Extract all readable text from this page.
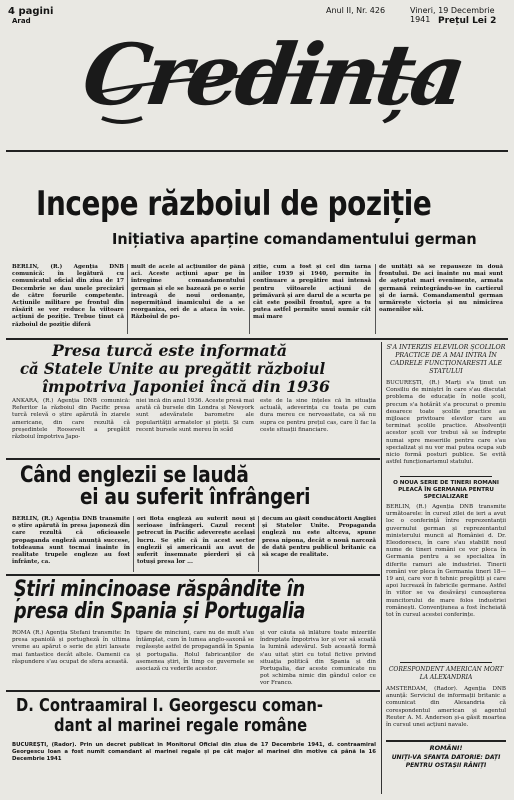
4 pagini
Arad
Credința
Anul II, Nr. 426	Vineri, 19 Decembrie 1941 Prețul Lei 2
Incepe războiul de poziție
Inițiativa aparține comandamentului german
BERLIN, (R.) Agenția DNB comunică: în legătură cu comunicatul oficial din ziua de 17 Decembrie se dau unele precizări de către forurile competente. Acțiunile militare pe frontul din răsărit se vor reduce la viitoare acțiuni de poziție. Trebue ținut că războiul de poziție diferă
mult de acele al acțiunilor de până aci. Aceste acțiuni apar pe în întregime comandamentului german și ele se bazează pe o serie întreagă de noui ordonanțe, nopermițând inamicului de a se reorganiza, ori de a ataca în voie. Războiul de po-
ziție, cum a fost și cel din iarna anilor 1939 și 1940, permite în continuare a pregătire mai intensă pentru viitoarele acțiuni de primăvară și are darul de a scurta pe cât este posibil frontul, spre a tu putea astfel permite unui număr cât mai mare
de unități să se repauseze în două frontului. De aci înainte nu mai sunt de așteptat mari evenimente, armata germană reintegrându-se în cartierul și de iarnă. Comandamentul german urmărește victoria și nu nimicirea oamenilor săi.
Presa turcă este informată
că Statele Unite au pregătit războiul
împotriva Japoniei încă din 1936
ANKARA, (R.) Agenția DNB comunică: Referitor la războiul din Pacific presa turcă relevă o știre apărută în ziarele americane, din care rezultă că președintele Roosevelt a pregătit războiul împotriva Japo-
niei încă din anul 1936. Aceste presă mai arată că bursele din Londra și Newyork sunt adevăratele barometre ale popularității armatelor și pieții. Și cum recent bursele sunt mereu în scăd
este de la sine înțeles că în situația actuală, adeverința cu toata pe cum dura mereu ce nervoasitate, ca să nu supra ce pentru prețul cas, care îl fac la ceste situații financiare.
S'A INTERZIS ELEVILOR ȘCOLILOR PRACTICE DE A MAI INTRA ÎN CADRELE FUNCȚIONARESTI ALE STATULUI
BUCUREȘTI, (R.) Marți s'a ținut un Consiliu de miniștri în care s'au discutat problema de educație în noile școli, precum s'a hotărât s'a procurat o premiu deoarece toate școlile practice au mijloace privitoare elevilor care au terminat școlile practice. Absolvenții acestor școli vor trebui să se îndrepte numai spre meseriile pentru care s'au specializat și nu vor mai putea ocupa sub nicio formă posturi publice. Se evită astfel funcționarismul statului.
O NOUĂ SERIE DE TINERI ROMÂNI PLEACĂ ÎN GERMANIA PENTRU SPECIALIZARE
BERLIN, (R.) Agenția DNB transmite următoarele: în cursul zilei de ieri a avut loc o conferință între reprezentanții guvernului german și reprezentantul ministerului muncii al României d. Dr. Eleodorescu, în care s'au stabilit noul nume de tineri români ce vor pleca în Germania pentru a se specializa în diferite ramuri ale industriei. Tinerii români vor pleca în Germania tineri 18—19 ani, care vor fi tehnic pregătiți și care apoi lucrează în fabricile germane. Astfel în viitor se va desăvârși cunoașterea muncitorului de mare folos industriei românești. Convențiunea a fost încheiată tot în cursul acestei conferințe.
CORESPONDENT AMERICAN MORT LA ALEXANDRIA
AMSTERDAM, (Rador). Agenția DNB anunță: Serviciul de informații britanic a comunicat din Alexandria că corespondentul american și agentul Reuter A. M. Anderson și-a găsit moartea în cursul unei acțiuni navale.
ROMÂNI!
UNIȚI-VĂ SFÂNTA DATORIE: DAȚI PENTRU OSTAȘII RĂNIȚI
Când englezii se laudă
ei au suferit înfrângeri
BERLIN, (R.) Agenția DNB transmite o știre apărută în presa japoneză din care rezultă că oficioasele propaganda engleză anunță succese, totdeauna sunt tocmai înainte în realitate trupele engleze au fost înfrânte, ca.
ori flota engleză au suferit noui și serioase înfrângeri. Cazul recent petrecut în Pacific adeverește același lucru. Se știe că în acest sector englezii și americanii au avut de suferit însemnate pierderi și că totuși presa lor ...
decum au găsit conducătorii Angliei și Statelor Unite. Propaganda engleză nu este altceva, spune presa nipona, decât o nouă narcoză de dată pentru publicul britanic ca să scape de realitate.
Știri mincinoase răspândite în
presa din Spania și Portugalia
ROMA (R.) Agenția Stefani transmite: În presa spaniolă și portugheză în ultima vreme au apărut o serie de știri lansate mai fantastice decât altele. Oamenii ca răspundere s'au ocupat de sfera această.
tipare de minciuni, care nu de mult s'au întâmplat, cum în lumea anglo-saxonă se regăsește astfel de propagandă în Spania și portugalia. Rolul fabricanților de asemenea știri, în timp ce guvernele se asociază cu vederile acestor.
și vor căuta să înlăture toate mizeriile îndreptate împotriva lor și vor să scoată la lumină adevărul. Sub această formă s'au uitat știri cu totul fictive privind situația politică din Spania și din Portugalia, dar aceste comunicate nu pot schimba nimic din gândul celor ce vor Franco.
D. Contraamiral I. Georgescu coman-
dant al marinei regale române
BUCUREȘTI, (Rador). Prin un decret publicat în Monitorul Oficial din ziua de 17 Decembrie 1941, d. contraamiral Georgescu Ioan a fost numit comandant al marinei regale și pe cât major al marinei din motive că până la 16 Decembrie 1941
